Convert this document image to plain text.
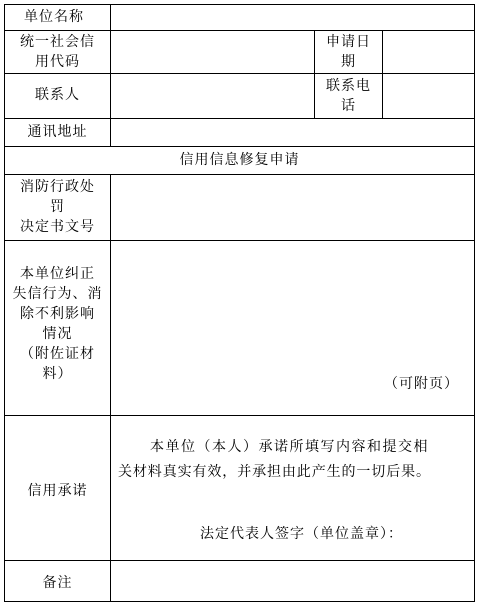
单位名称
统一社会信
用代码
申请日
期
联系人
联系电
话
通讯地址
信用信息修复申请
消防行政处
罚
决定书文号
本单位纠正
失信行为、消
除不利影响
情况
（附佐证材
料）
（可附页）
信用承诺
本单位（本人）承诺所填写内容和提交相
关材料真实有效，并承担由此产生的一切后果。
法定代表人签字（单位盖章）：
备注
